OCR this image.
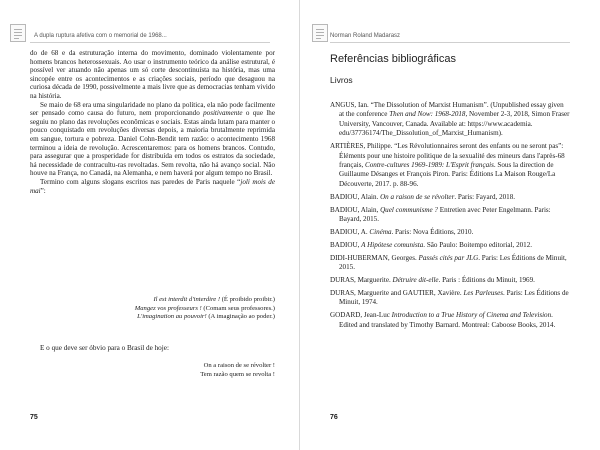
A dupla ruptura afetiva com o memorial de 1968...

do de 68 e da estruturação interna do movimento, dominado violentamente por homens brancos heterossexuais. Ao usar o instrumento teórico da análise estrutural, é possível ver atuando não apenas um só corte descontinuísta na história, mas uma sincopée entre os acontecimentos e as criações sociais, período que desaguou na curiosa década de 1990, possivelmente a mais livre que as democracias tenham vivido na história.

Se maio de 68 era uma singularidade no plano da política, ela não pode facilmente ser pensado como causa do futuro, nem proporcionando positivamente o que lhe seguiu no plano das revoluções econômicas e sociais. Estas ainda lutam para manter o pouco conquistado em revoluções diversas depois, a maioria brutalmente reprimida em sangue, tortura e pobreza. Daniel Cohn-Bendit tem razão: o acontecimento 1968 terminou a ideia de revolução. Acrescentaremos: para os homens brancos. Contudo, para assegurar que a prosperidade for distribuída em todos os estratos da sociedade, há necessidade de contracultu-ras revoltadas. Sem revolta, não há avanço social. Não houve na França, no Canadá, na Alemanha, e nem haverá por algum tempo no Brasil.

Termino com alguns slogans escritos nas paredes de Paris naquele “joli mois de mai”:

Il est interdit d'interdire ! (É proibido proibir.)
Mangez vos professeurs ! (Comam seus professores.)
L'imagination au pouvoir! (A imaginação ao poder.)
E o que deve ser óbvio para o Brasil de hoje:
On a raison de se révolter !
Tem razão quem se revolta !
75
Norman Roland Madarasz
Referências bibliográficas
Livros

ANGUS, Ian. “The Dissolution of Marxist Humanism”. (Unpublished essay given at the conference Then and Now: 1968-2018, November 2-3, 2018, Simon Fraser University, Vancouver, Canada. Available at: https://www.academia. edu/37736174/The_Dissolution_of_Marxist_Humanism).

ARTIÈRES, Philippe. “Les Révolutionnaires seront des enfants ou ne seront pas”: Éléments pour une histoire politique de la sexualité des mineurs dans l'après-68 français, Contre-cultures 1969-1989: L'Esprit français. Sous la direction de Guillaume Désanges et François Piron. Paris: Éditions La Maison Rouge/La Découverte, 2017. p. 88-96.

BADIOU, Alain. On a raison de se révolter. Paris: Fayard, 2018.

BADIOU, Alain, Quel communisme ? Entretien avec Peter Engelmann. Paris: Bayard, 2015.

BADIOU, A. Cinéma. Paris: Nova Éditions, 2010.

BADIOU, A Hipótese comunista. São Paulo: Boitempo editorial, 2012.

DIDI-HUBERMAN, Georges. Passés cités par JLG. Paris: Les Éditions de Minuit, 2015.

DURAS, Marguerite. Détruire dit-elle. Paris : Éditions du Minuit, 1969.

DURAS, Marguerite and GAUTIER, Xavière. Les Parleuses. Paris: Les Éditions de Minuit, 1974.

GODARD, Jean-Luc Introduction to a True History of Cinema and Television. Edited and translated by Timothy Barnard. Montreal: Caboose Books, 2014.

76
